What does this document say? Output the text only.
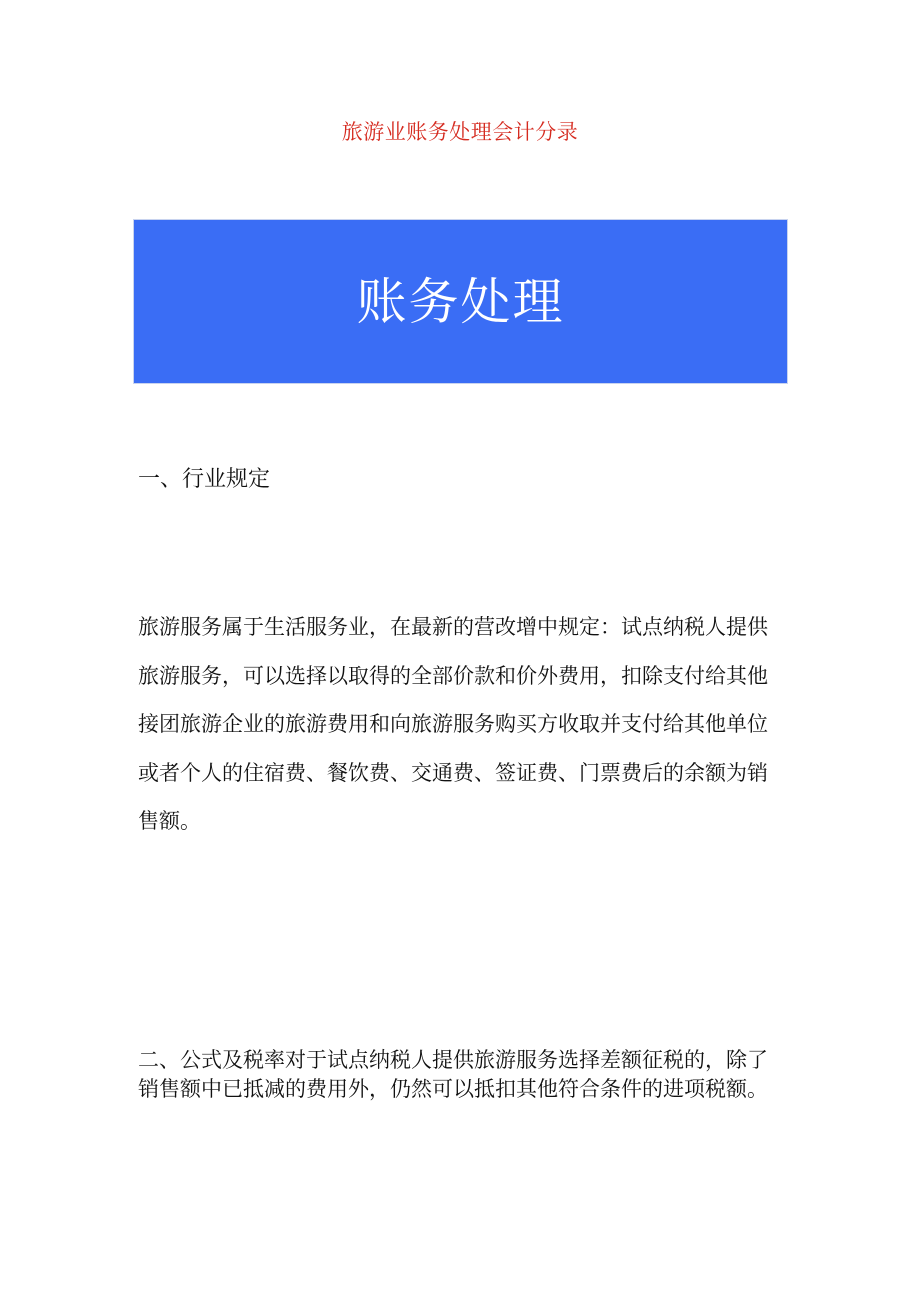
旅游业账务处理会计分录
账务处理
一、行业规定
旅游服务属于生活服务业，在最新的营改增中规定：试点纳税人提供旅游服务，可以选择以取得的全部价款和价外费用，扣除支付给其他接团旅游企业的旅游费用和向旅游服务购买方收取并支付给其他单位或者个人的住宿费、餐饮费、交通费、签证费、门票费后的余额为销售额。
二、公式及税率对于试点纳税人提供旅游服务选择差额征税的，除了销售额中已抵减的费用外，仍然可以抵扣其他符合条件的进项税额。
